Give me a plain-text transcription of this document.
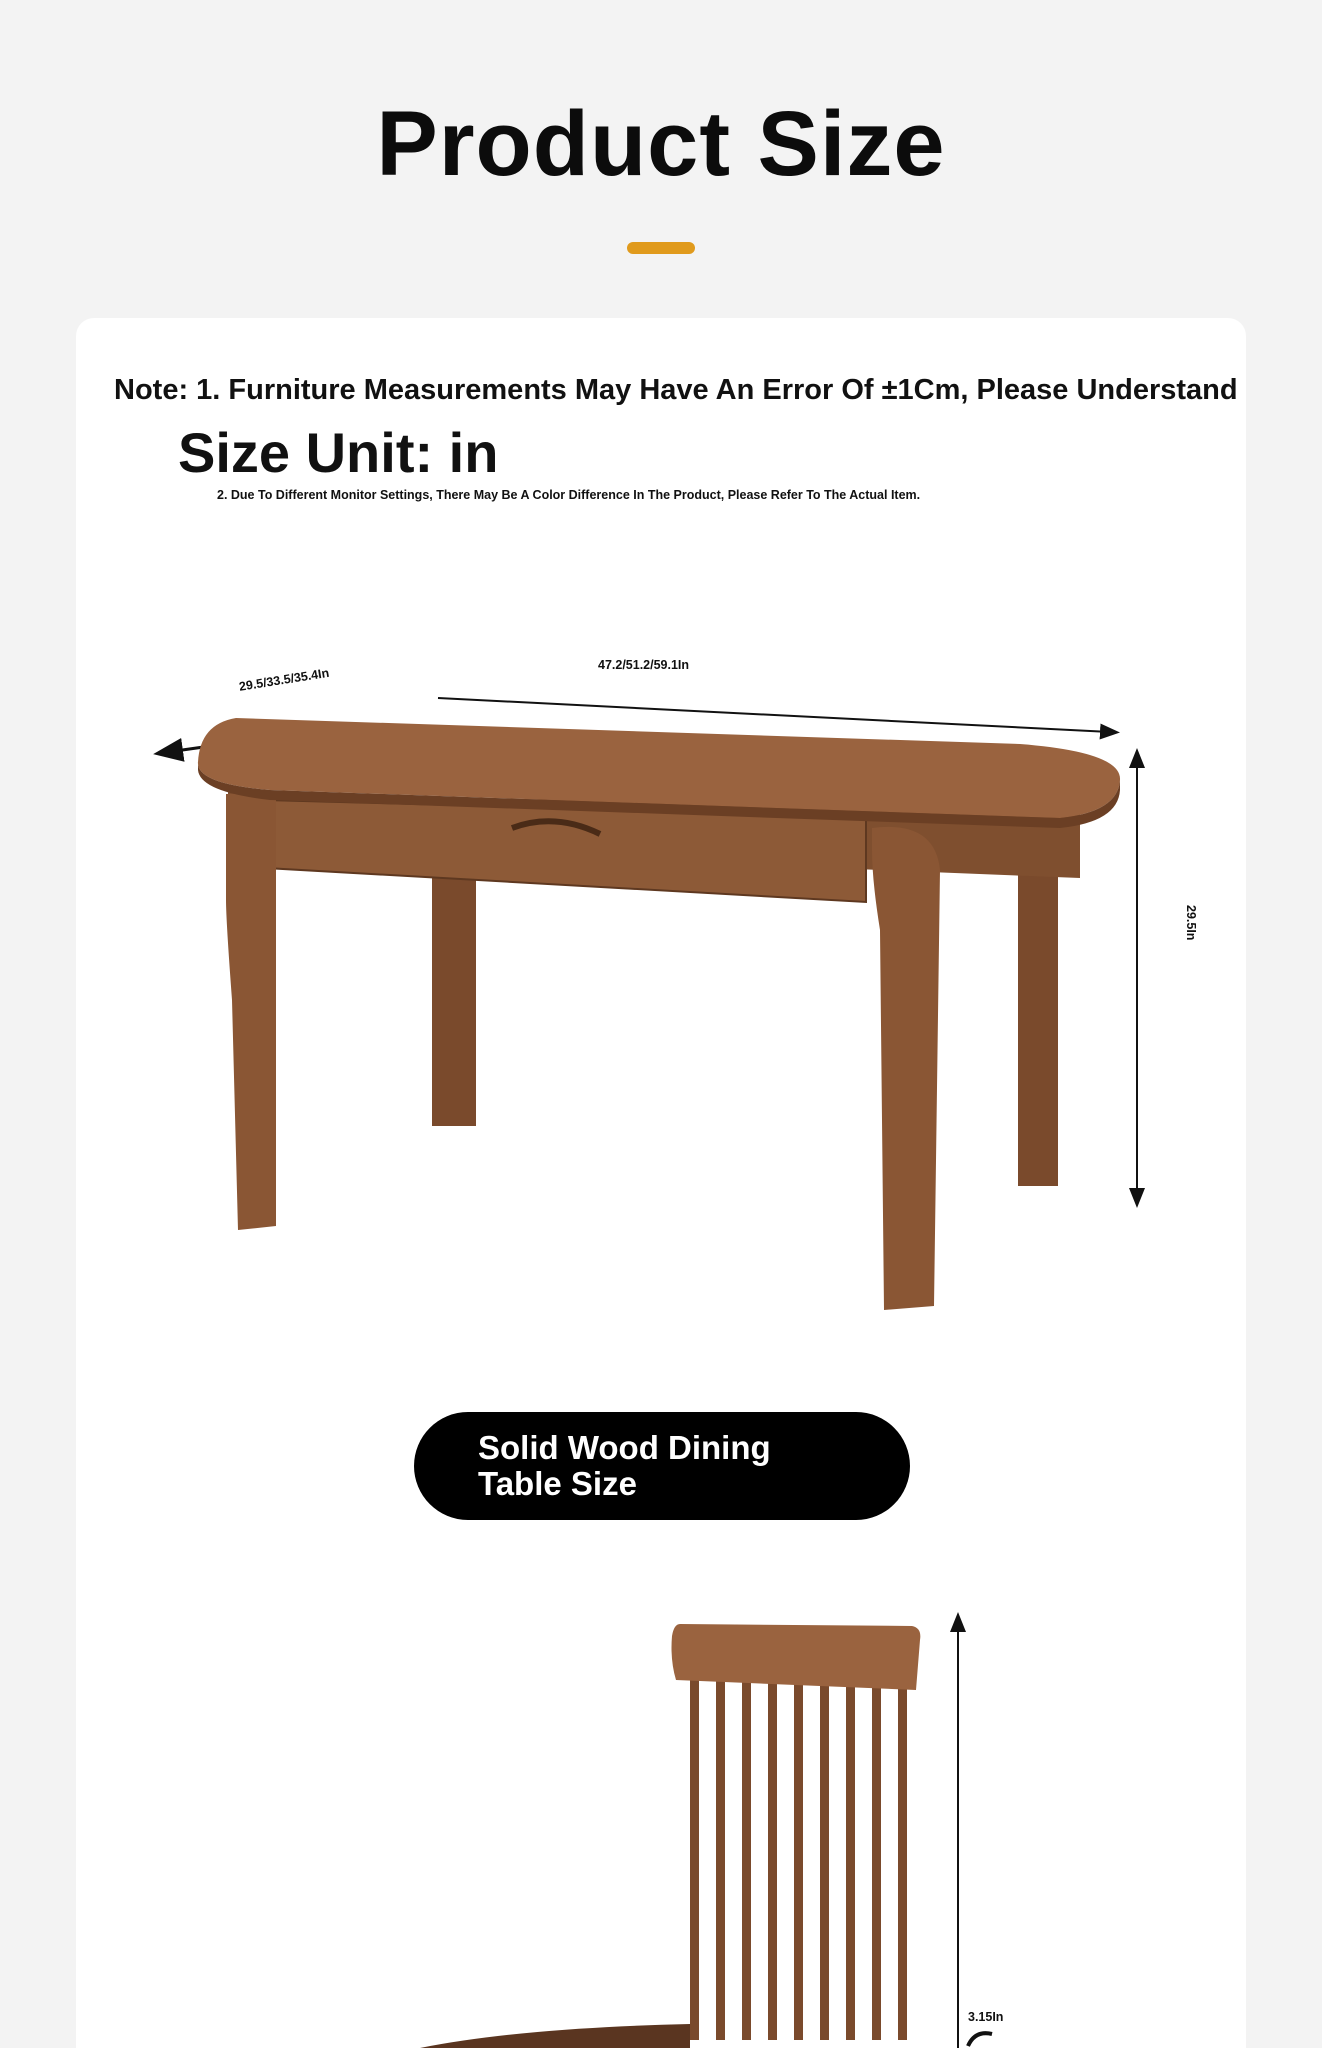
Product Size
Note: 1. Furniture Measurements May Have An Error Of ±1Cm, Please Understand
Size Unit: in
2. Due To Different Monitor Settings, There May Be A Color Difference In The Product, Please Refer To The Actual Item.
47.2/51.2/59.1In
29.5/33.5/35.4In
29.5In
Solid Wood Dining Table Size
3.15In
